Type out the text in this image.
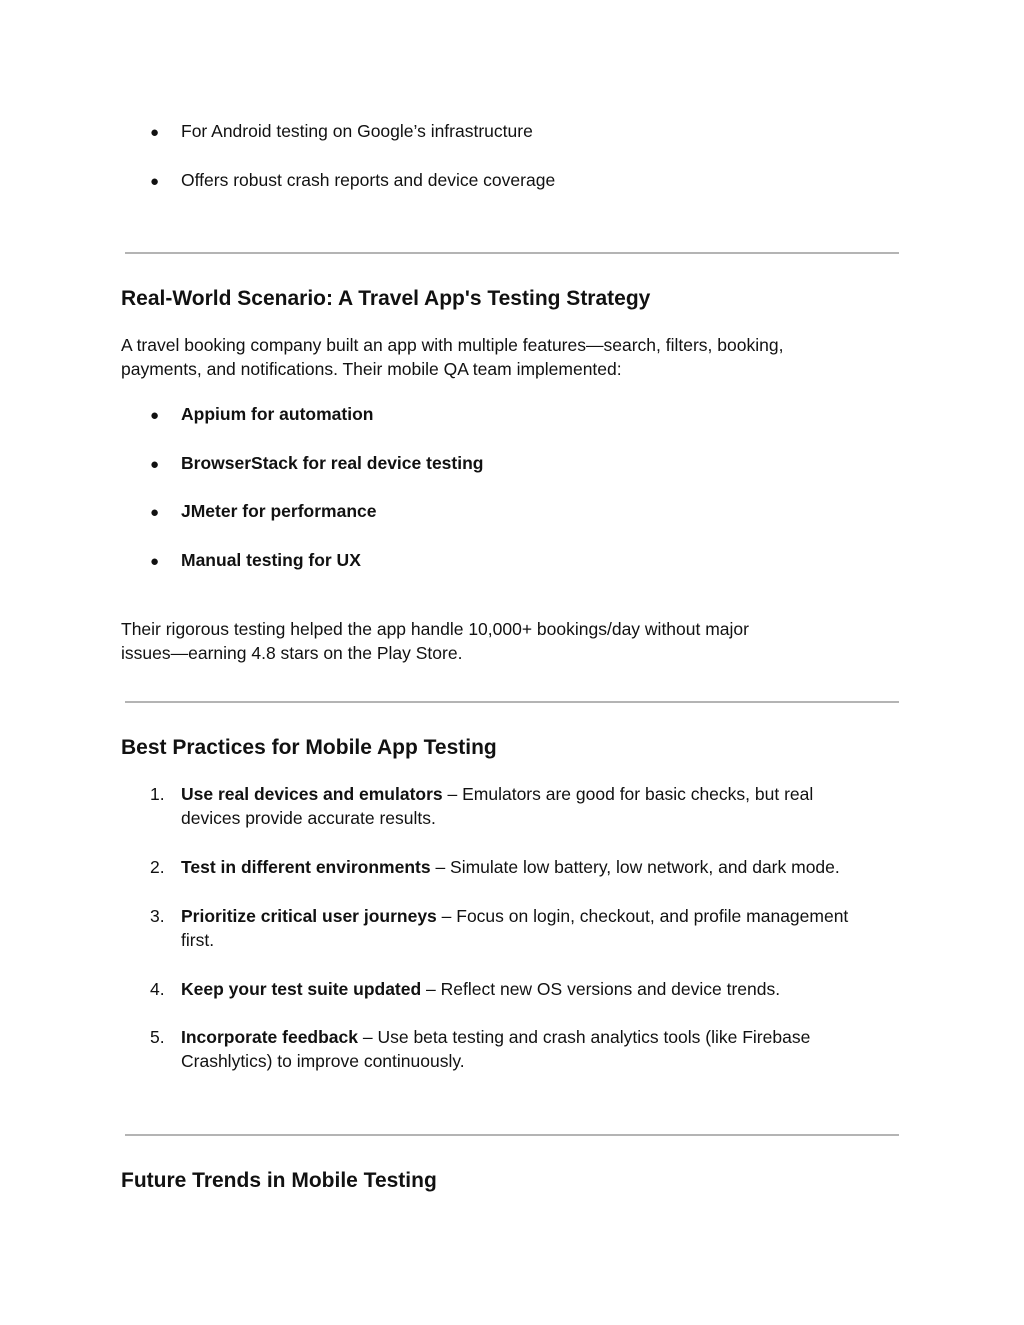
● For Android testing on Google’s infrastructure
● Offers robust crash reports and device coverage
Real-World Scenario: A Travel App's Testing Strategy
A travel booking company built an app with multiple features—search, filters, booking,
payments, and notifications. Their mobile QA team implemented:
● Appium for automation
● BrowserStack for real device testing
● JMeter for performance
● Manual testing for UX
Their rigorous testing helped the app handle 10,000+ bookings/day without major
issues—earning 4.8 stars on the Play Store.
Best Practices for Mobile App Testing
1. Use real devices and emulators – Emulators are good for basic checks, but real
devices provide accurate results.
2. Test in different environments – Simulate low battery, low network, and dark mode.
3. Prioritize critical user journeys – Focus on login, checkout, and profile management
first.
4. Keep your test suite updated – Reflect new OS versions and device trends.
5. Incorporate feedback – Use beta testing and crash analytics tools (like Firebase
Crashlytics) to improve continuously.
Future Trends in Mobile Testing
